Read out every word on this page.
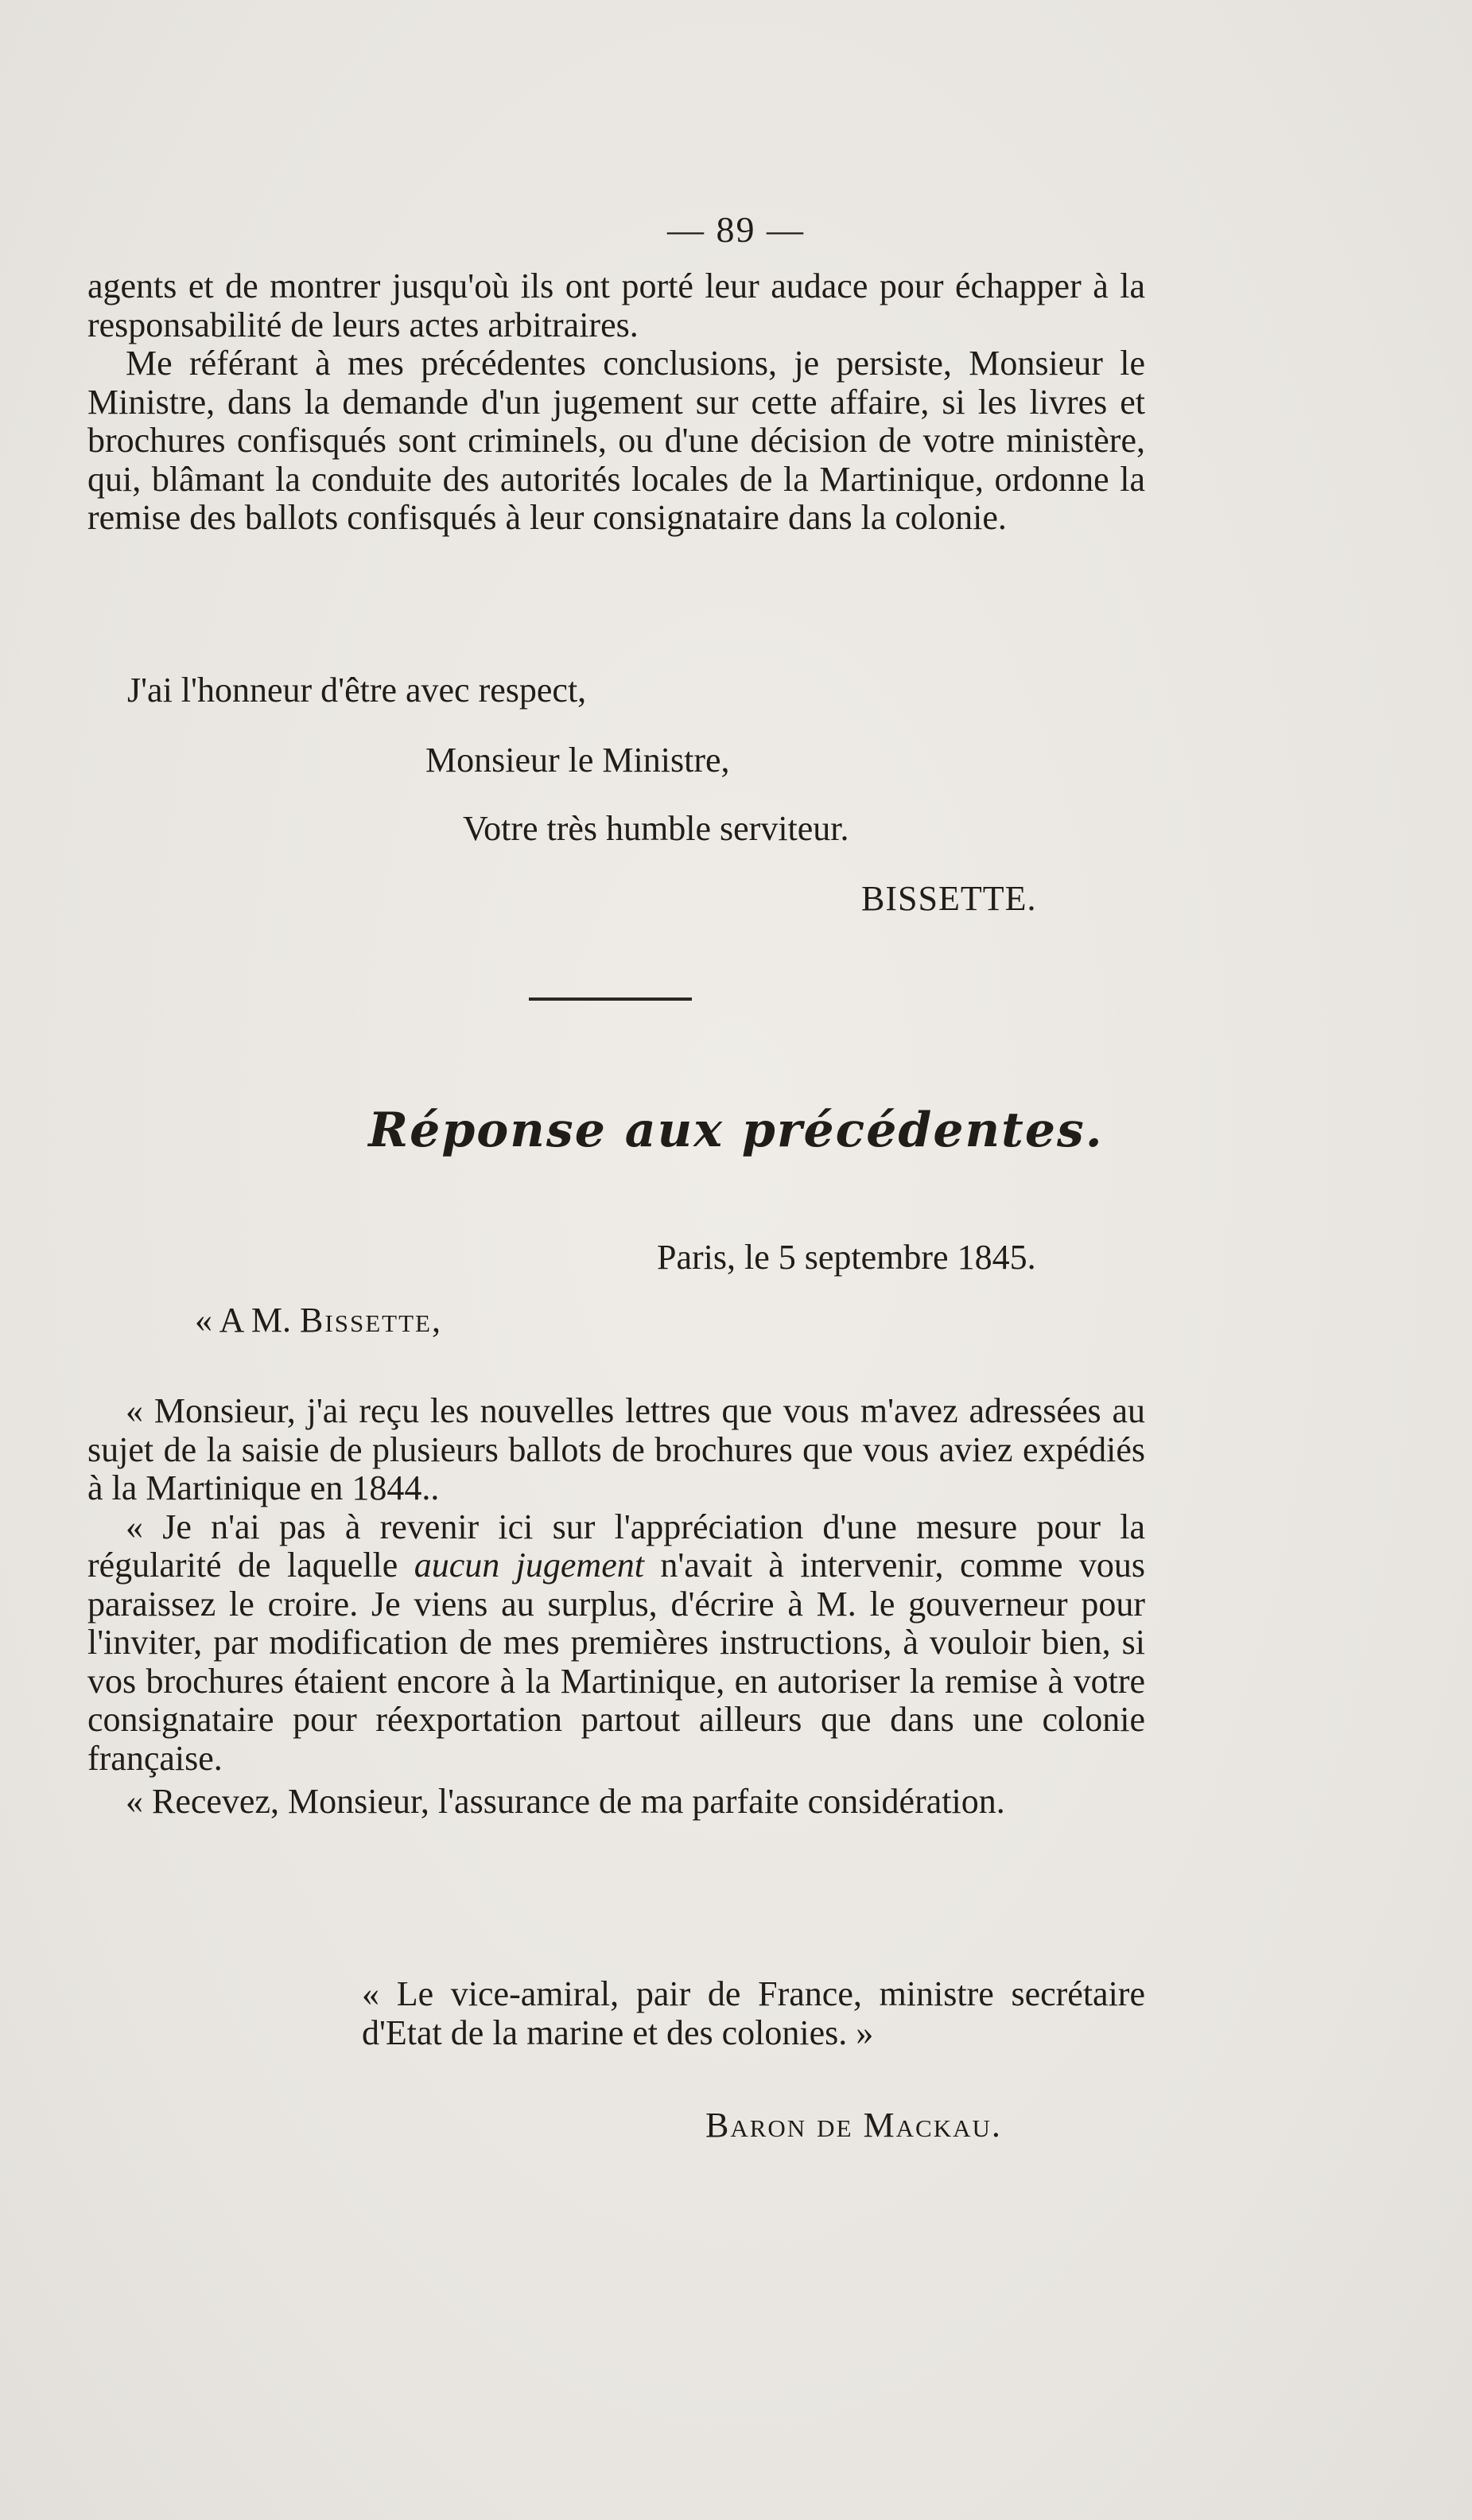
— 89 —

agents et de montrer jusqu'où ils ont porté leur audace pour échapper à la responsabilité de leurs actes arbitraires.

Me référant à mes précédentes conclusions, je persiste, Monsieur le Ministre, dans la demande d'un jugement sur cette affaire, si les livres et brochures confisqués sont criminels, ou d'une décision de votre ministère, qui, blâmant la conduite des autorités locales de la Martinique, ordonne la remise des ballots confisqués à leur consignataire dans la colonie.

J'ai l'honneur d'être avec respect,
Monsieur le Ministre,
Votre très humble serviteur.
BISSETTE.
Réponse aux précédentes.
Paris, le 5 septembre 1845.
« A M. Bissette,

« Monsieur, j'ai reçu les nouvelles lettres que vous m'avez adressées au sujet de la saisie de plusieurs ballots de brochures que vous aviez expédiés à la Martinique en 1844..

« Je n'ai pas à revenir ici sur l'appréciation d'une mesure pour la régularité de laquelle aucun jugement n'avait à intervenir, comme vous paraissez le croire. Je viens au surplus, d'écrire à M. le gouverneur pour l'inviter, par modification de mes premières instructions, à vouloir bien, si vos brochures étaient encore à la Martinique, en autoriser la remise à votre consignataire pour réexportation partout ailleurs que dans une colonie française.

« Recevez, Monsieur, l'assurance de ma parfaite considération.

« Le vice-amiral, pair de France, ministre secrétaire d'Etat de la marine et des colonies. »
Baron de Mackau.
